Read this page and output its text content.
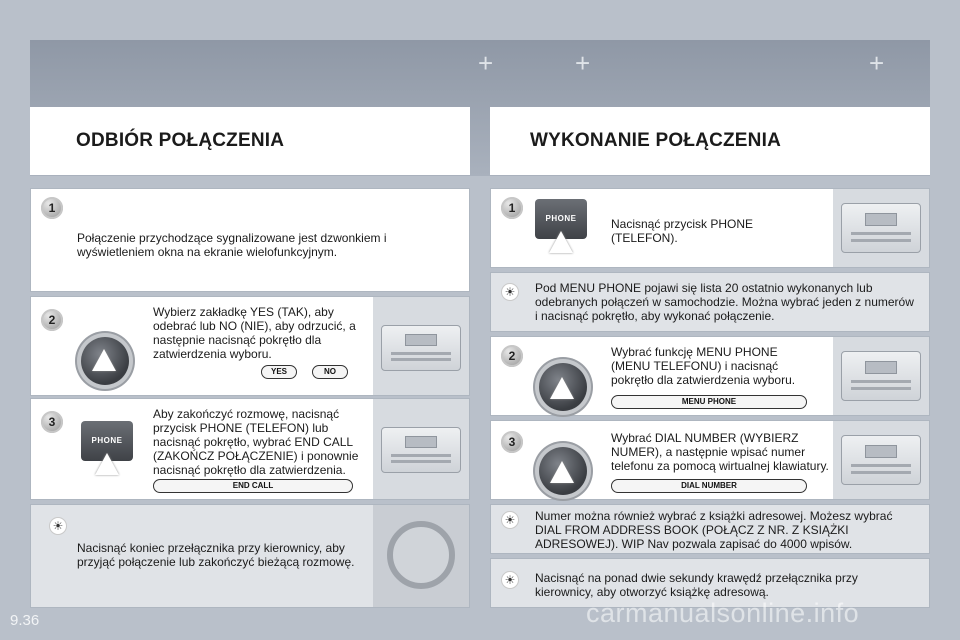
+	+	+
ODBIÓR POŁĄCZENIA
1
Połączenie przychodzące sygnalizowane jest dzwonkiem i wyświetleniem okna na ekranie wielofunkcyjnym.
2
Wybierz zakładkę YES (TAK), aby odebrać lub NO (NIE), aby odrzucić, a następnie nacisnąć pokrętło dla zatwierdzenia wyboru.
YES	NO
3
PHONE
Aby zakończyć rozmowę, nacisnąć przycisk PHONE (TELEFON) lub nacisnąć pokrętło, wybrać END CALL (ZAKOŃCZ POŁĄCZENIE) i ponownie nacisnąć pokrętło dla zatwierdzenia.
END CALL
☀
Nacisnąć koniec przełącznika przy kierownicy, aby przyjąć połączenie lub zakończyć bieżącą rozmowę.
WYKONANIE POŁĄCZENIA
1
PHONE	Nacisnąć przycisk PHONE (TELEFON).
☀	Pod MENU PHONE pojawi się lista 20 ostatnio wykonanych lub odebranych połączeń w samochodzie. Można wybrać jeden z numerów i nacisnąć pokrętło, aby wykonać połączenie.
2	Wybrać funkcję MENU PHONE (MENU TELEFONU) i nacisnąć pokrętło dla zatwierdzenia wyboru.
MENU PHONE
3	Wybrać DIAL NUMBER (WYBIERZ NUMER), a następnie wpisać numer telefonu za pomocą wirtualnej klawiatury.
DIAL NUMBER
☀	Numer można również wybrać z książki adresowej. Możesz wybrać DIAL FROM ADDRESS BOOK (POŁĄCZ Z NR. Z KSIĄŻKI ADRESOWEJ). WIP Nav pozwala zapisać do 4000 wpisów.
☀	Nacisnąć na ponad dwie sekundy krawędź przełącznika przy kierownicy, aby otworzyć książkę adresową.
9.36	carmanualsonline.info
